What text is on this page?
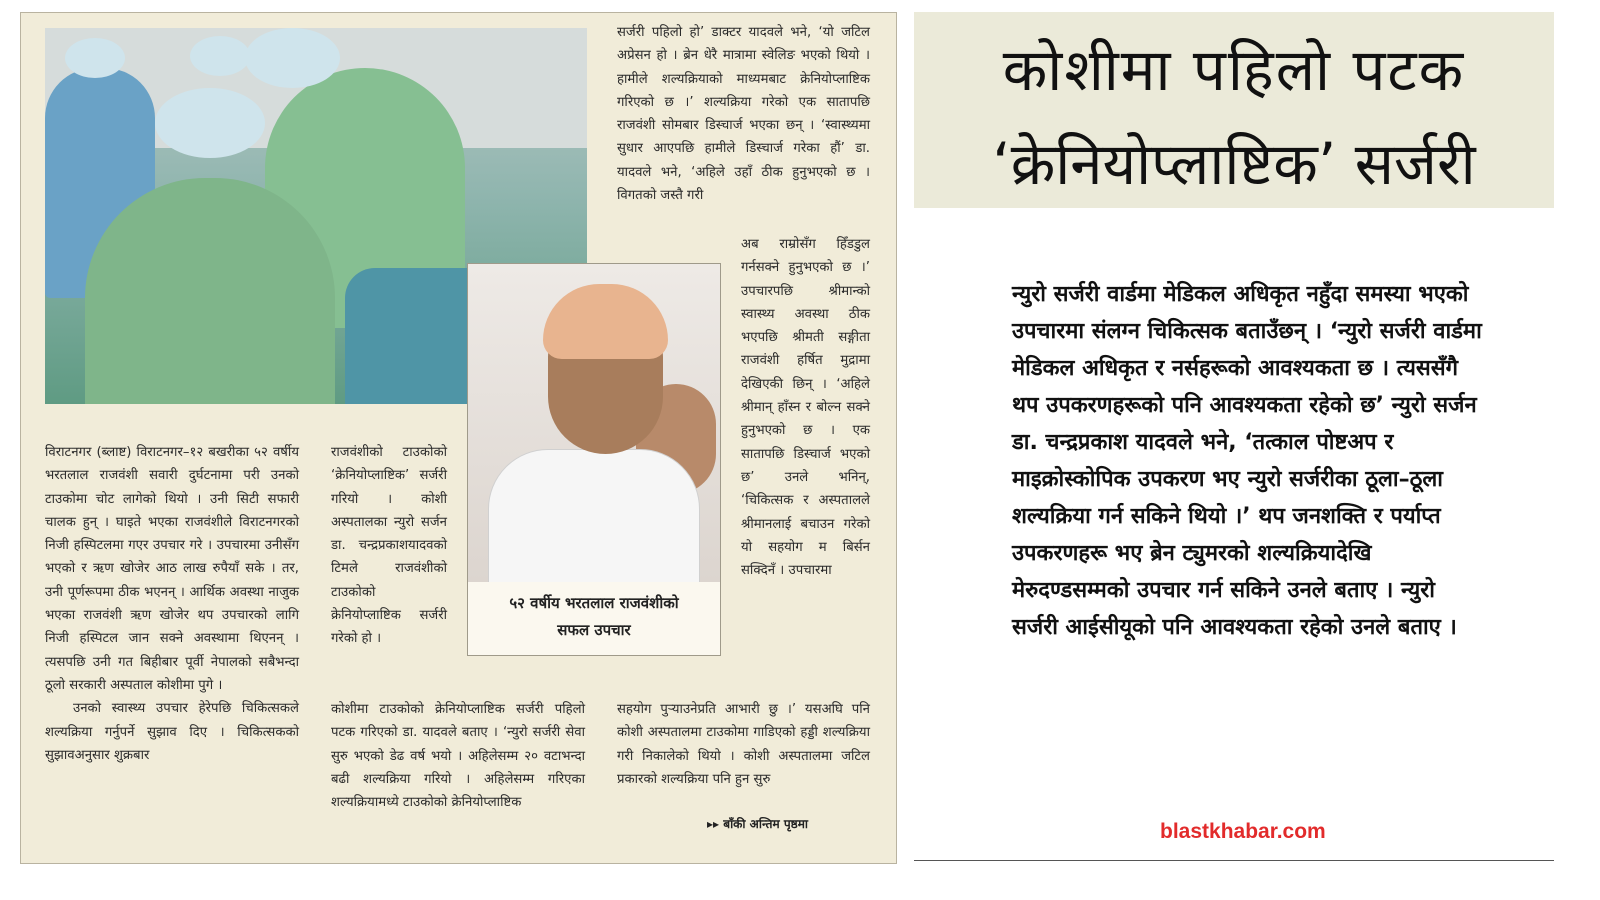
५२ वर्षीय भरतलाल राजवंशीको
सफल उपचार

विराटनगर (ब्लाष्ट) विराटनगर–१२ बखरीका ५२ वर्षीय भरतलाल राजवंशी सवारी दुर्घटनामा परी उनको टाउकोमा चोट लागेको थियो । उनी सिटी सफारी चालक हुन् । घाइते भएका राजवंशीले विराटनगरको निजी हस्पिटलमा गएर उपचार गरे । उपचारमा उनीसँग भएको र ऋण खोजेर आठ लाख रुपैयाँ सके । तर, उनी पूर्णरूपमा ठीक भएनन् । आर्थिक अवस्था नाजुक भएका राजवंशी ऋण खोजेर थप उपचारको लागि निजी हस्पिटल जान सक्ने अवस्थामा थिएनन् । त्यसपछि उनी गत बिहीबार पूर्वी नेपालको सबैभन्दा ठूलो सरकारी अस्पताल कोशीमा पुगे ।

उनको स्वास्थ्य उपचार हेरेपछि चिकित्सकले शल्यक्रिया गर्नुपर्ने सुझाव दिए । चिकित्सकको सुझावअनुसार शुक्रबार

राजवंशीको टाउकोको ‘क्रेनियोप्लाष्टिक’ सर्जरी गरियो । कोशी अस्पतालका न्युरो सर्जन डा. चन्द्रप्रकाशयादवको टिमले राजवंशीको टाउकोको क्रेनियोप्लाष्टिक सर्जरी गरेको हो ।

कोशीमा टाउकोको क्रेनियोप्लाष्टिक सर्जरी पहिलो पटक गरिएको डा. यादवले बताए । ‘न्युरो सर्जरी सेवा सुरु भएको डेढ वर्ष भयो । अहिलेसम्म २० वटाभन्दा बढी शल्यक्रिया गरियो । अहिलेसम्म गरिएका शल्यक्रियामध्ये टाउकोको क्रेनियोप्लाष्टिक

सर्जरी पहिलो हो’ डाक्टर यादवले भने, ‘यो जटिल अप्रेसन हो । ब्रेन धेरै मात्रामा स्वेलिङ भएको थियो । हामीले शल्यक्रियाको माध्यमबाट क्रेनियोप्लाष्टिक गरिएको छ ।’ शल्यक्रिया गरेको एक सातापछि राजवंशी सोमबार डिस्चार्ज भएका छन् । ‘स्वास्थ्यमा सुधार आएपछि हामीले डिस्चार्ज गरेका हौं’ डा. यादवले भने, ‘अहिले उहाँ ठीक हुनुभएको छ । विगतको जस्तै गरी

अब राम्रोसँग हिँडडुल गर्नसक्ने हुनुभएको छ ।’ उपचारपछि श्रीमान्को स्वास्थ्य अवस्था ठीक भएपछि श्रीमती सङ्गीता राजवंशी हर्षित मुद्रामा देखिएकी छिन् । ‘अहिले श्रीमान् हाँस्न र बोल्न सक्ने हुनुभएको छ । एक सातापछि डिस्चार्ज भएको छ’ उनले भनिन्, ‘चिकित्सक र अस्पतालले श्रीमानलाई बचाउन गरेको यो सहयोग म बिर्सन सक्दिनँ । उपचारमा

सहयोग पुऱ्याउनेप्रति आभारी छु ।’ यसअघि पनि कोशी अस्पतालमा टाउकोमा गाडिएको हड्डी शल्यक्रिया गरी निकालेको थियो । कोशी अस्पतालमा जटिल प्रकारको शल्यक्रिया पनि हुन सुरु

▸▸ बाँकी अन्तिम पृष्ठमा
कोशीमा पहिलो पटक
‘क्रेनियोप्लाष्टिक’ सर्जरी
न्युरो सर्जरी वार्डमा मेडिकल अधिकृत नहुँदा समस्या भएको उपचारमा संलग्न चिकित्सक बताउँछन् । ‘न्युरो सर्जरी वार्डमा मेडिकल अधिकृत र नर्सहरूको आवश्यकता छ । त्यससँगै थप उपकरणहरूको पनि आवश्यकता रहेको छ’ न्युरो सर्जन डा. चन्द्रप्रकाश यादवले भने, ‘तत्काल पोष्टअप र माइक्रोस्कोपिक उपकरण भए न्युरो सर्जरीका ठूला–ठूला शल्यक्रिया गर्न सकिने थियो ।’ थप जनशक्ति र पर्याप्त उपकरणहरू भए ब्रेन ट्युमरको शल्यक्रियादेखि मेरुदण्डसम्मको उपचार गर्न सकिने उनले बताए । न्युरो सर्जरी आईसीयूको पनि आवश्यकता रहेको उनले बताए ।
blastkhabar.com
